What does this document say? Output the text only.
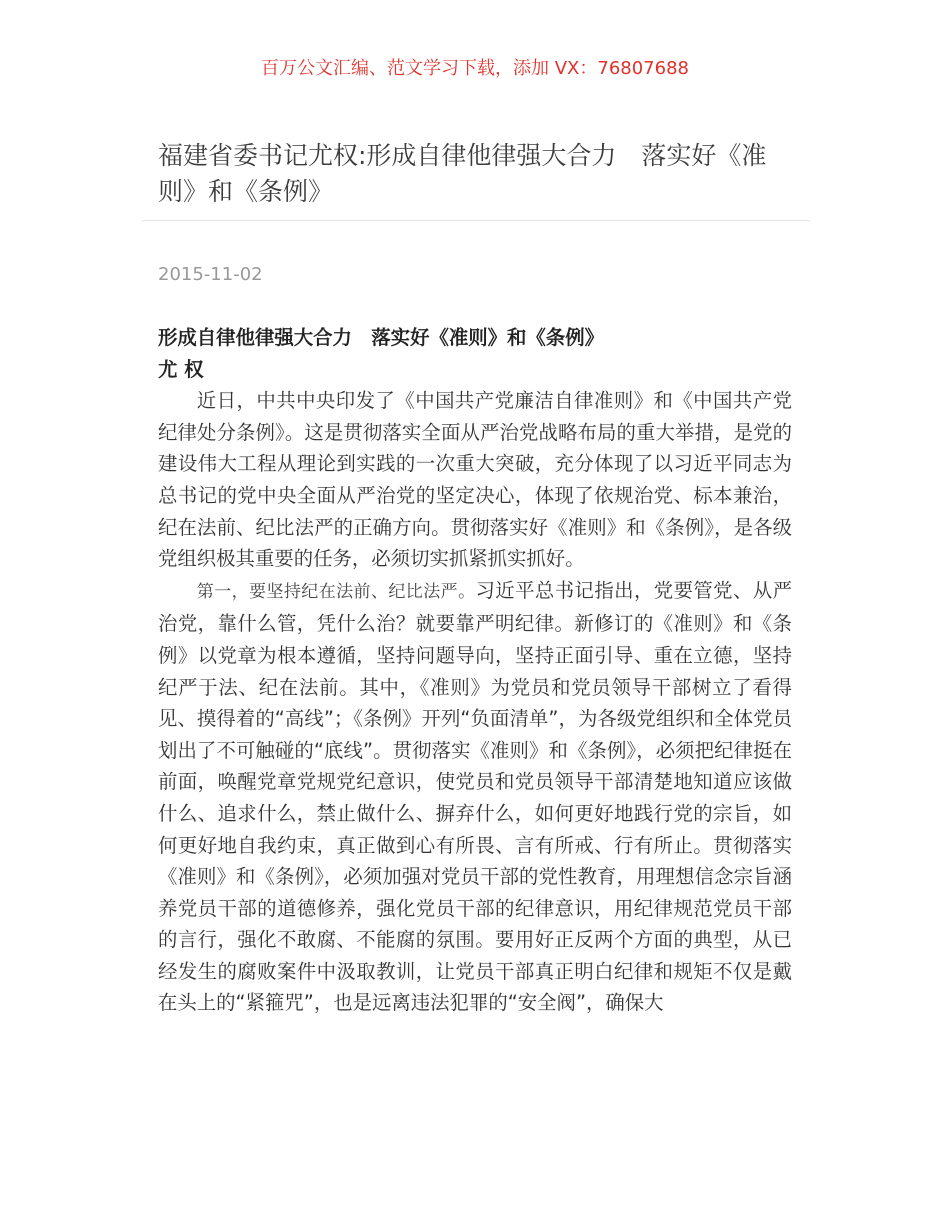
百万公文汇编、范文学习下载，添加 VX：76807688
福建省委书记尤权:形成自律他律强大合力　落实好《准则》和《条例》
2015-11-02

形成自律他律强大合力　落实好《准则》和《条例》

尤 权

近日，中共中央印发了《中国共产党廉洁自律准则》和《中国共产党纪律处分条例》。这是贯彻落实全面从严治党战略布局的重大举措，是党的建设伟大工程从理论到实践的一次重大突破，充分体现了以习近平同志为总书记的党中央全面从严治党的坚定决心，体现了依规治党、标本兼治，纪在法前、纪比法严的正确方向。贯彻落实好《准则》和《条例》，是各级党组织极其重要的任务，必须切实抓紧抓实抓好。

第一，要坚持纪在法前、纪比法严。习近平总书记指出，党要管党、从严治党，靠什么管，凭什么治？就要靠严明纪律。新修订的《准则》和《条例》以党章为根本遵循，坚持问题导向，坚持正面引导、重在立德，坚持纪严于法、纪在法前。其中，《准则》为党员和党员领导干部树立了看得见、摸得着的“高线”；《条例》开列“负面清单”，为各级党组织和全体党员划出了不可触碰的“底线”。贯彻落实《准则》和《条例》，必须把纪律挺在前面，唤醒党章党规党纪意识，使党员和党员领导干部清楚地知道应该做什么、追求什么，禁止做什么、摒弃什么，如何更好地践行党的宗旨，如何更好地自我约束，真正做到心有所畏、言有所戒、行有所止。贯彻落实《准则》和《条例》，必须加强对党员干部的党性教育，用理想信念宗旨涵养党员干部的道德修养，强化党员干部的纪律意识，用纪律规范党员干部的言行，强化不敢腐、不能腐的氛围。要用好正反两个方面的典型，从已经发生的腐败案件中汲取教训，让党员干部真正明白纪律和规矩不仅是戴在头上的“紧箍咒”，也是远离违法犯罪的“安全阀”，确保大
